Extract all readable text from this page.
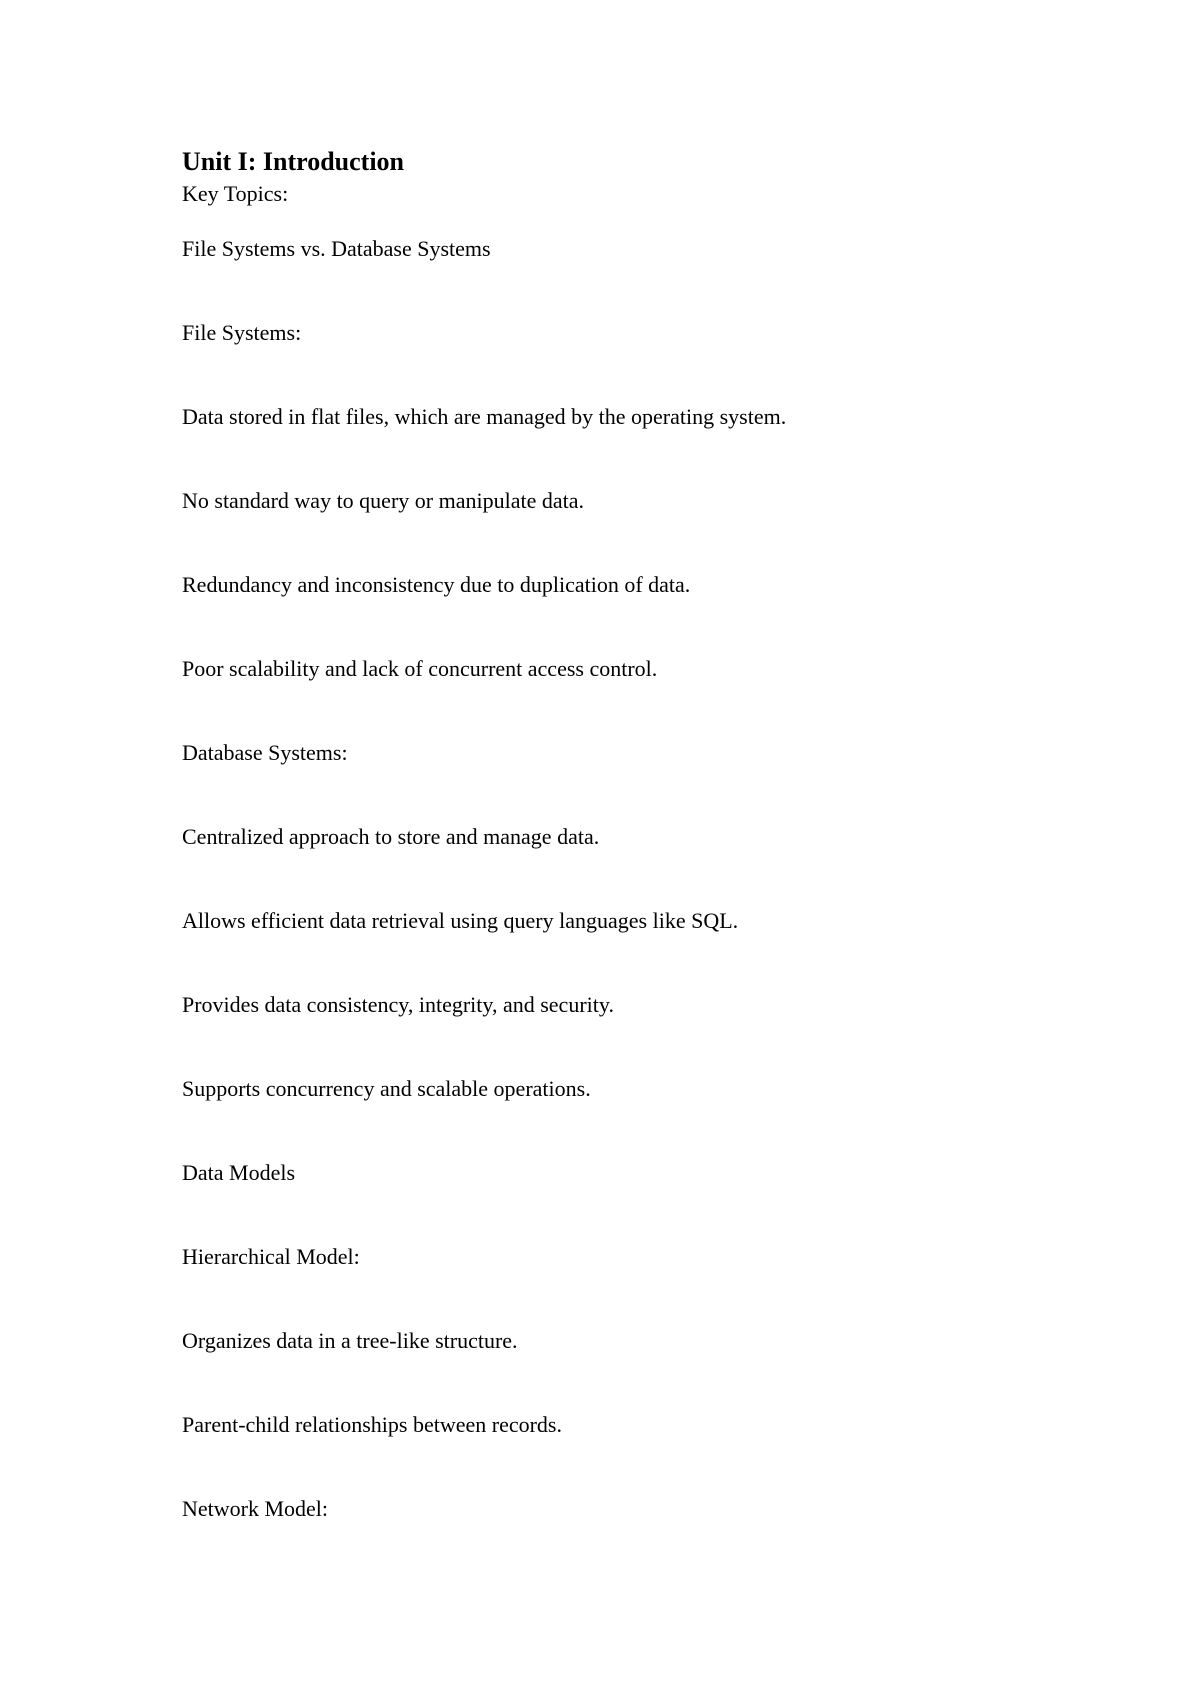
Unit I: Introduction
Key Topics:
File Systems vs. Database Systems
File Systems:
Data stored in flat files, which are managed by the operating system.
No standard way to query or manipulate data.
Redundancy and inconsistency due to duplication of data.
Poor scalability and lack of concurrent access control.
Database Systems:
Centralized approach to store and manage data.
Allows efficient data retrieval using query languages like SQL.
Provides data consistency, integrity, and security.
Supports concurrency and scalable operations.
Data Models
Hierarchical Model:
Organizes data in a tree-like structure.
Parent-child relationships between records.
Network Model:
